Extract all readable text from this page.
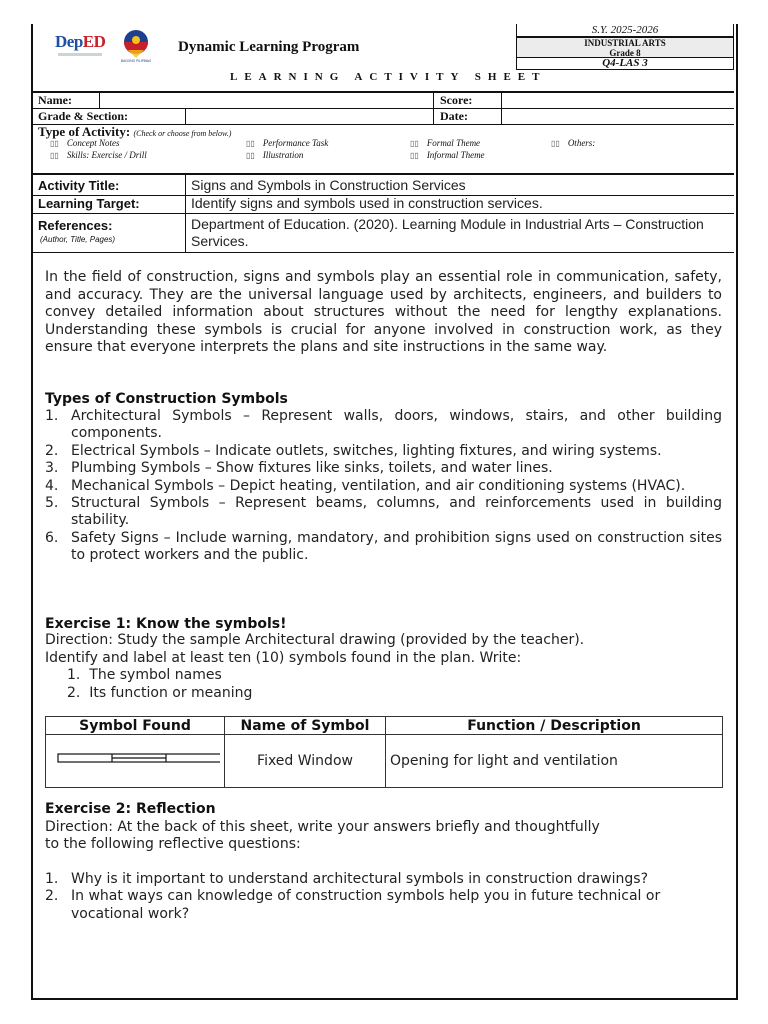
DepED
BAGONG PILIPINAS
Dynamic Learning Program
S.Y. 2025-2026
INDUSTRIAL ARTS
Grade 8
Q4-LAS 3
LEARNING ACTIVITY SHEET
Name:	Score:
Grade & Section:	Date:
Type of Activity: (Check or choose from below.)
▯▯ Concept Notes	▯▯ Performance Task	▯▯ Formal Theme	▯▯ Others:
▯▯ Skills: Exercise / Drill	▯▯ Illustration	▯▯ Informal Theme
Activity Title:	Signs and Symbols in Construction Services
Learning Target:	Identify signs and symbols used in construction services.
References:
(Author, Title, Pages)
Department of Education. (2020). Learning Module in Industrial Arts – Construction Services.
In the field of construction, signs and symbols play an essential role in communication, safety, and accuracy. They are the universal language used by architects, engineers, and builders to convey detailed information about structures without the need for lengthy explanations. Understanding these symbols is crucial for anyone involved in construction work, as they ensure that everyone interprets the plans and site instructions in the same way.
Types of Construction Symbols
1. Architectural Symbols – Represent walls, doors, windows, stairs, and other building components.
2. Electrical Symbols – Indicate outlets, switches, lighting fixtures, and wiring systems.
3. Plumbing Symbols – Show fixtures like sinks, toilets, and water lines.
4. Mechanical Symbols – Depict heating, ventilation, and air conditioning systems (HVAC).
5. Structural Symbols – Represent beams, columns, and reinforcements used in building stability.
6. Safety Signs – Include warning, mandatory, and prohibition signs used on construction sites to protect workers and the public.
Exercise 1: Know the symbols!
Direction: Study the sample Architectural drawing (provided by the teacher).
Identify and label at least ten (10) symbols found in the plan. Write:
1.  The symbol names
2.  Its function or meaning
Symbol Found	Name of Symbol	Function / Description
	Fixed Window	Opening for light and ventilation
Exercise 2: Reflection
Direction: At the back of this sheet, write your answers briefly and thoughtfully
to the following reflective questions:
1. Why is it important to understand architectural symbols in construction drawings?
2. In what ways can knowledge of construction symbols help you in future technical or vocational work?
